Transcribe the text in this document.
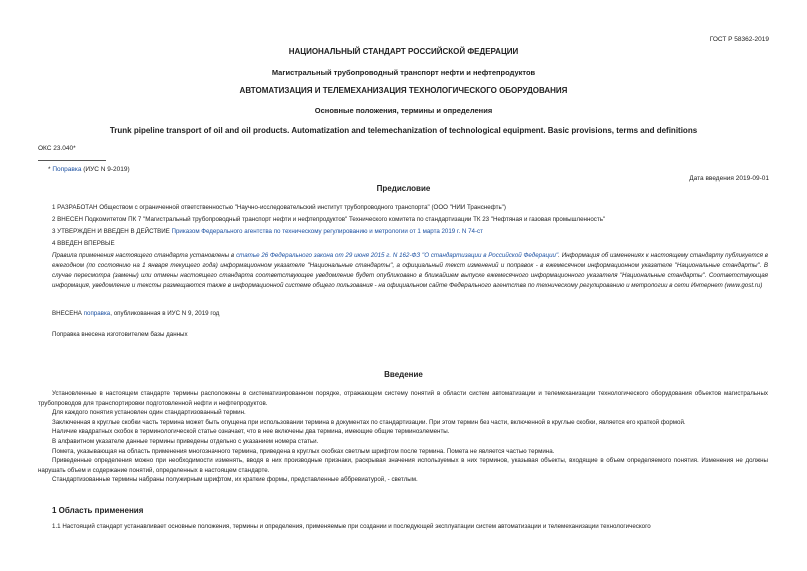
ГОСТ Р 58362-2019
НАЦИОНАЛЬНЫЙ СТАНДАРТ РОССИЙСКОЙ ФЕДЕРАЦИИ
Магистральный трубопроводный транспорт нефти и нефтепродуктов
АВТОМАТИЗАЦИЯ И ТЕЛЕМЕХАНИЗАЦИЯ ТЕХНОЛОГИЧЕСКОГО ОБОРУДОВАНИЯ
Основные положения, термины и определения
Trunk pipeline transport of oil and oil products. Automatization and telemechanization of technological equipment. Basic provisions, terms and definitions
ОКС 23.040*
* Поправка (ИУС N 9-2019)
Дата введения 2019-09-01
Предисловие
1 РАЗРАБОТАН Обществом с ограниченной ответственностью "Научно-исследовательский институт трубопроводного транспорта" (ООО "НИИ Транснефть")
2 ВНЕСЕН Подкомитетом ПК 7 "Магистральный трубопроводный транспорт нефти и нефтепродуктов" Технического комитета по стандартизации ТК 23 "Нефтяная и газовая промышленность"
3 УТВЕРЖДЕН И ВВЕДЕН В ДЕЙСТВИЕ Приказом Федерального агентства по техническому регулированию и метрологии от 1 марта 2019 г. N 74-ст
4 ВВЕДЕН ВПЕРВЫЕ
Правила применения настоящего стандарта установлены в статье 26 Федерального закона от 29 июня 2015 г. N 162-ФЗ "О стандартизации в Российской Федерации". Информация об изменениях к настоящему стандарту публикуется в ежегодном (по состоянию на 1 января текущего года) информационном указателе "Национальные стандарты", а официальный текст изменений и поправок - в ежемесячном информационном указателе "Национальные стандарты". В случае пересмотра (замены) или отмены настоящего стандарта соответствующее уведомление будет опубликовано в ближайшем выпуске ежемесячного информационного указателя "Национальные стандарты". Соответствующая информация, уведомление и тексты размещаются также в информационной системе общего пользования - на официальном сайте Федерального агентства по техническому регулированию и метрологии в сети Интернет (www.gost.ru)
ВНЕСЕНА поправка, опубликованная в ИУС N 9, 2019 год
Поправка внесена изготовителем базы данных
Введение
Установленные в настоящем стандарте термины расположены в систематизированном порядке, отражающем систему понятий в области систем автоматизации и телемеханизации технологического оборудования объектов магистральных трубопроводов для транспортировки подготовленной нефти и нефтепродуктов.
Для каждого понятия установлен один стандартизованный термин.
Заключенная в круглые скобки часть термина может быть опущена при использовании термина в документах по стандартизации. При этом термин без части, включенной в круглые скобки, является его краткой формой.
Наличие квадратных скобок в терминологической статье означает, что в нее включены два термина, имеющие общие терминоэлементы.
В алфавитном указателе данные термины приведены отдельно с указанием номера статьи.
Помета, указывающая на область применения многозначного термина, приведена в круглых скобках светлым шрифтом после термина. Помета не является частью термина.
Приведенные определения можно при необходимости изменять, вводя в них производные признаки, раскрывая значения используемых в них терминов, указывая объекты, входящие в объем определяемого понятия. Изменения не должны нарушать объем и содержание понятий, определенных в настоящем стандарте.
Стандартизованные термины набраны полужирным шрифтом, их краткие формы, представленные аббревиатурой, - светлым.
1 Область применения
1.1 Настоящий стандарт устанавливает основные положения, термины и определения, применяемые при создании и последующей эксплуатации систем автоматизации и телемеханизации технологического
